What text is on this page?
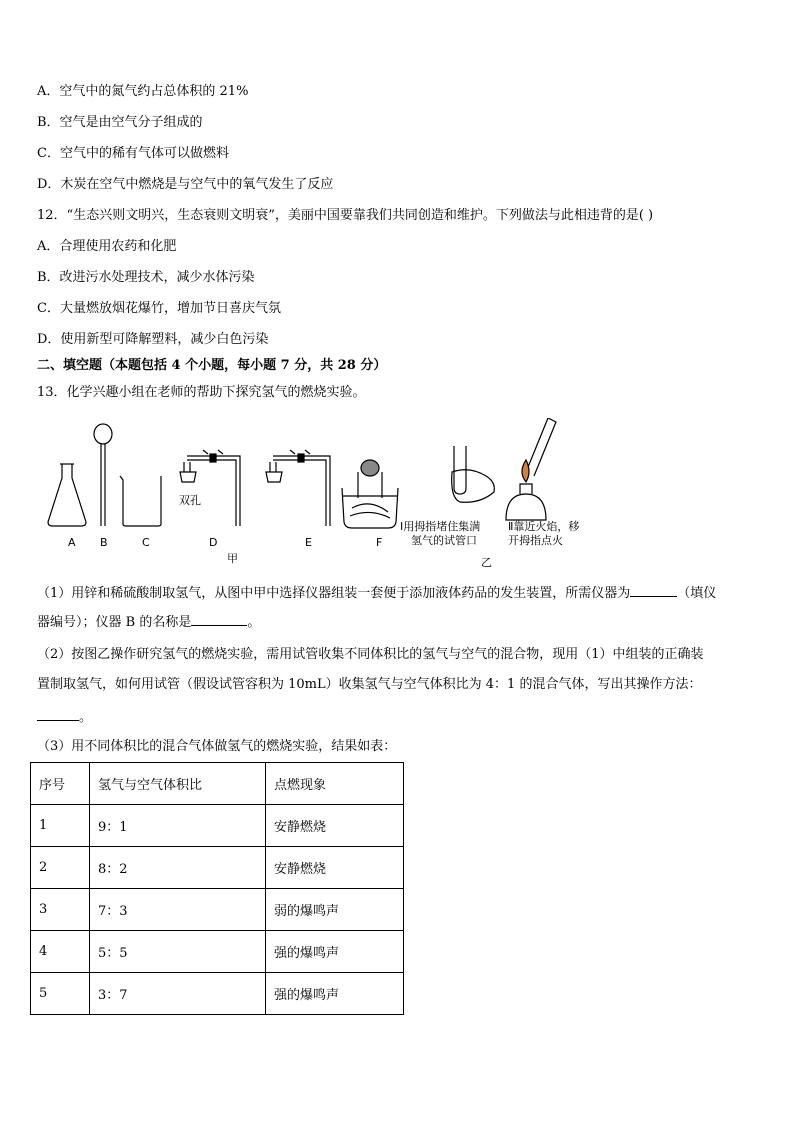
A．空气中的氮气约占总体积的 21%
B．空气是由空气分子组成的
C．空气中的稀有气体可以做燃料
D．木炭在空气中燃烧是与空气中的氧气发生了反应
12．“生态兴则文明兴，生态衰则文明衰”，美丽中国要靠我们共同创造和维护。下列做法与此相违背的是( )
A．合理使用农药和化肥
B．改进污水处理技术，减少水体污染
C．大量燃放烟花爆竹，增加节日喜庆气氛
D．使用新型可降解塑料，减少白色污染
二、填空题（本题包括 4 个小题，每小题 7 分，共 28 分）
13．化学兴趣小组在老师的帮助下探究氢气的燃烧实验。
A B	C	D	E	F
双孔
甲	乙
Ⅰ用拇指堵住集满
氢气的试管口
Ⅱ靠近火焰，移
开拇指点火
（1）用锌和稀硫酸制取氢气，从图中甲中选择仪器组装一套便于添加液体药品的发生装置，所需仪器为	（填仪
器编号）；仪器 B 的名称是	。
（2）按图乙操作研究氢气的燃烧实验，需用试管收集不同体积比的氢气与空气的混合物，现用（1）中组装的正确装
置制取氢气，如何用试管（假设试管容积为 10mL）收集氢气与空气体积比为 4：1 的混合气体，写出其操作方法：
。
（3）用不同体积比的混合气体做氢气的燃烧实验，结果如表：
序号	氢气与空气体积比	点燃现象
1	9：1	安静燃烧
2	8：2	安静燃烧
3	7：3	弱的爆鸣声
4	5：5	强的爆鸣声
5	3：7	强的爆鸣声
